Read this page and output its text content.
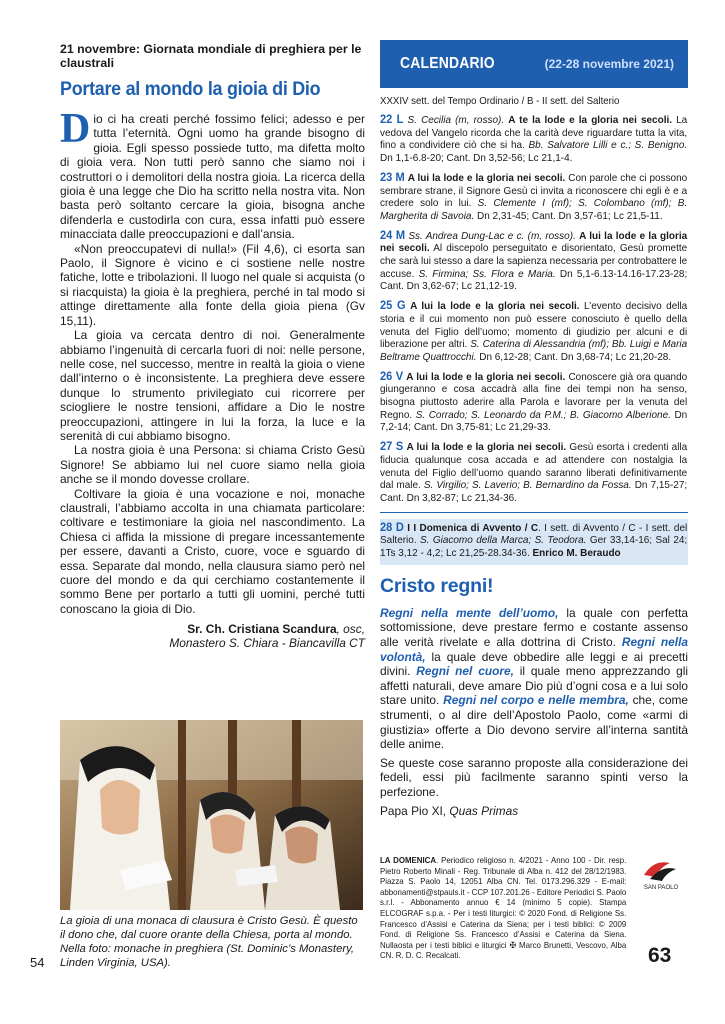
21 novembre: Giornata mondiale di preghiera per le claustrali
Portare al mondo la gioia di Dio

Dio ci ha creati perché fossimo felici; adesso e per tutta l’eternità. Ogni uomo ha grande bisogno di gioia. Egli spesso possiede tutto, ma difetta molto di gioia vera. Non tutti però sanno che siamo noi i costruttori o i demolitori della nostra gioia. La ricerca della gioia è una legge che Dio ha scritto nella nostra vita. Non basta però soltanto cercare la gioia, bisogna anche difenderla e custodirla con cura, essa infatti può essere minacciata dalle preoccupazioni e dall’ansia.

«Non preoccupatevi di nulla!» (Fil 4,6), ci esorta san Paolo, il Signore è vicino e ci sostiene nelle nostre fatiche, lotte e tribolazioni. Il luogo nel quale si acquista (o si riacquista) la gioia è la preghiera, perché in tal modo si attinge direttamente alla fonte della gioia piena (Gv 15,11).

La gioia va cercata dentro di noi. Generalmente abbiamo l’ingenuità di cercarla fuori di noi: nelle persone, nelle cose, nel successo, mentre in realtà la gioia o viene dall’interno o è inconsistente. La preghiera deve essere dunque lo strumento privilegiato cui ricorrere per sciogliere le nostre tensioni, affidare a Dio le nostre preoccupazioni, attingere in lui la forza, la luce e la serenità di cui abbiamo bisogno.

La nostra gioia è una Persona: si chiama Cristo Gesù Signore! Se abbiamo lui nel cuore siamo nella gioia anche se il mondo dovesse crollare.

Coltivare la gioia è una vocazione e noi, monache claustrali, l’abbiamo accolta in una chiamata particolare: coltivare e testimoniare la gioia nel nascondimento. La Chiesa ci affida la missione di pregare incessantemente per essere, davanti a Cristo, cuore, voce e sguardo di essa. Separate dal mondo, nella clausura siamo però nel cuore del mondo e da qui cerchiamo costantemente il sommo Bene per portarlo a tutti gli uomini, perché tutti conoscano la gioia di Dio.

Sr. Ch. Cristiana Scandura, osc,
Monastero S. Chiara - Biancavilla CT
La gioia di una monaca di clausura è Cristo Gesù. È questo il dono che, dal cuore orante della Chiesa, porta al mondo. Nella foto: monache in preghiera (St. Dominic’s Monastery, Linden Virginia, USA).
54
CALENDARIO	(22-28 novembre 2021)
XXXIV sett. del Tempo Ordinario / B - II sett. del Salterio
22 L S. Cecilia (m, rosso). A te la lode e la gloria nei secoli. La vedova del Vangelo ricorda che la carità deve riguardare tutta la vita, fino a condividere ciò che si ha. Bb. Salvatore Lilli e c.; S. Benigno. Dn 1,1-6.8-20; Cant. Dn 3,52-56; Lc 21,1-4.
23 M A lui la lode e la gloria nei secoli. Con parole che ci possono sembrare strane, il Signore Gesù ci invita a riconoscere chi egli è e a credere solo in lui. S. Clemente I (mf); S. Colombano (mf); B. Margherita di Savoia. Dn 2,31-45; Cant. Dn 3,57-61; Lc 21,5-11.
24 M Ss. Andrea Dung-Lac e c. (m, rosso). A lui la lode e la gloria nei secoli. Al discepolo perseguitato e disorientato, Gesù promette che sarà lui stesso a dare la sapienza necessaria per controbattere le accuse. S. Firmina; Ss. Flora e Maria. Dn 5,1-6.13-14.16-17.23-28; Cant. Dn 3,62-67; Lc 21,12-19.
25 G A lui la lode e la gloria nei secoli. L’evento decisivo della storia e il cui momento non può essere conosciuto è quello della venuta del Figlio dell’uomo; momento di giudizio per alcuni e di liberazione per altri. S. Caterina di Alessandria (mf); Bb. Luigi e Maria Beltrame Quattrocchi. Dn 6,12-28; Cant. Dn 3,68-74; Lc 21,20-28.
26 V A lui la lode e la gloria nei secoli. Conoscere già ora quando giungeranno e cosa accadrà alla fine dei tempi non ha senso, bisogna piuttosto aderire alla Parola e lavorare per la venuta del Regno. S. Corrado; S. Leonardo da P.M.; B. Giacomo Alberione. Dn 7,2-14; Cant. Dn 3,75-81; Lc 21,29-33.
27 S A lui la lode e la gloria nei secoli. Gesù esorta i credenti alla fiducia qualunque cosa accada e ad attendere con nostalgia la venuta del Figlio dell’uomo quando saranno liberati definitivamente dal male. S. Virgilio; S. Laverio; B. Bernardino da Fossa. Dn 7,15-27; Cant. Dn 3,82-87; Lc 21,34-36.
28 D I I Domenica di Avvento / C. I sett. di Avvento / C - I sett. del Salterio. S. Giacomo della Marca; S. Teodora. Ger 33,14-16; Sal 24; 1Ts 3,12 - 4,2; Lc 21,25-28.34-36. Enrico M. Beraudo
Cristo regni!

Regni nella mente dell’uomo, la quale con perfetta sottomissione, deve prestare fermo e costante assenso alle verità rivelate e alla dottrina di Cristo. Regni nella volontà, la quale deve obbedire alle leggi e ai precetti divini. Regni nel cuore, il quale meno apprezzando gli affetti naturali, deve amare Dio più d’ogni cosa e a lui solo stare unito. Regni nel corpo e nelle membra, che, come strumenti, o al dire dell’Apostolo Paolo, come «armi di giustizia» offerte a Dio devono servire all’interna santità delle anime.

Se queste cose saranno proposte alla considerazione dei fedeli, essi più facilmente saranno spinti verso la perfezione.

Papa Pio XI, Quas Primas
LA DOMENICA. Periodico religioso n. 4/2021 - Anno 100 - Dir. resp. Pietro Roberto Minali - Reg. Tribunale di Alba n. 412 del 28/12/1983. Piazza S. Paolo 14, 12051 Alba CN. Tel. 0173.296.329 - E-mail: abbonamenti@stpauls.it - CCP 107.201.26 - Editore Periodici S. Paolo s.r.l. - Abbonamento annuo € 14 (minimo 5 copie). Stampa ELCOGRAF s.p.a. - Per i testi liturgici: © 2020 Fond. di Religione Ss. Francesco d’Assisi e Caterina da Siena; per i testi biblici: © 2009 Fond. di Religione Ss. Francesco d’Assisi e Caterina da Siena. Nullaosta per i testi biblici e liturgici ✠ Marco Brunetti, Vescovo, Alba CN. R. D. C. Recalcati.
SAN PAOLO
63
